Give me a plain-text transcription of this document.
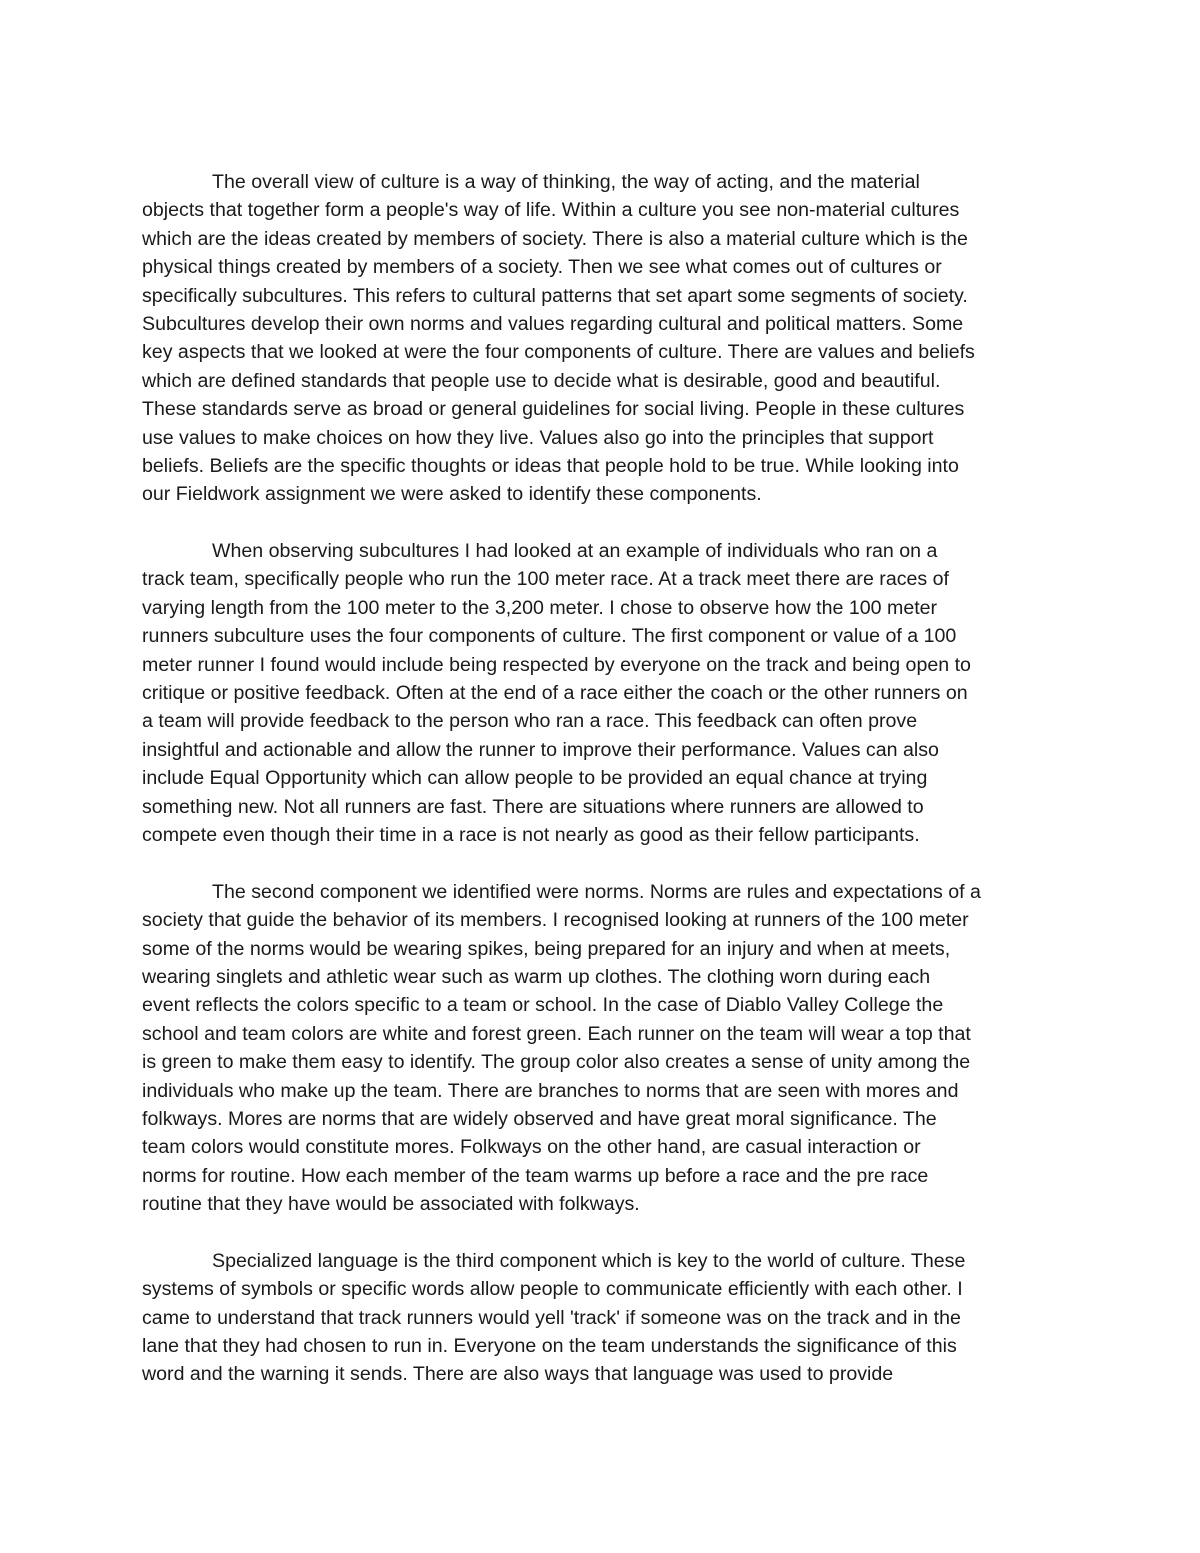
The overall view of culture is a way of thinking, the way of acting, and the material
objects that together form a people's way of life. Within a culture you see non-material cultures
which are the ideas created by members of society. There is also a material culture which is the
physical things created by members of a society. Then we see what comes out of cultures or
specifically subcultures. This refers to cultural patterns that set apart some segments of society.
Subcultures develop their own norms and values regarding cultural and political matters. Some
key aspects that we looked at were the four components of culture. There are values and beliefs
which are defined standards that people use to decide what is desirable, good and beautiful.
These standards serve as broad or general guidelines for social living. People in these cultures
use values to make choices on how they live. Values also go into the principles that support
beliefs. Beliefs are the specific thoughts or ideas that people hold to be true. While looking into
our Fieldwork assignment we were asked to identify these components.
When observing subcultures I had looked at an example of individuals who ran on a
track team, specifically people who run the 100 meter race. At a track meet there are races of
varying length from the 100 meter to the 3,200 meter. I chose to observe how the 100 meter
runners subculture uses the four components of culture. The first component or value of a 100
meter runner I found would include being respected by everyone on the track and being open to
critique or positive feedback. Often at the end of a race either the coach or the other runners on
a team will provide feedback to the person who ran a race. This feedback can often prove
insightful and actionable and allow the runner to improve their performance. Values can also
include Equal Opportunity which can allow people to be provided an equal chance at trying
something new. Not all runners are fast. There are situations where runners are allowed to
compete even though their time in a race is not nearly as good as their fellow participants.
The second component we identified were norms. Norms are rules and expectations of a
society that guide the behavior of its members. I recognised looking at runners of the 100 meter
some of the norms would be wearing spikes, being prepared for an injury and when at meets,
wearing singlets and athletic wear such as warm up clothes. The clothing worn during each
event reflects the colors specific to a team or school. In the case of Diablo Valley College the
school and team colors are white and forest green. Each runner on the team will wear a top that
is green to make them easy to identify. The group color also creates a sense of unity among the
individuals who make up the team. There are branches to norms that are seen with mores and
folkways. Mores are norms that are widely observed and have great moral significance. The
team colors would constitute mores. Folkways on the other hand, are casual interaction or
norms for routine. How each member of the team warms up before a race and the pre race
routine that they have would be associated with folkways.
Specialized language is the third component which is key to the world of culture. These
systems of symbols or specific words allow people to communicate efficiently with each other. I
came to understand that track runners would yell 'track' if someone was on the track and in the
lane that they had chosen to run in. Everyone on the team understands the significance of this
word and the warning it sends. There are also ways that language was used to provide
